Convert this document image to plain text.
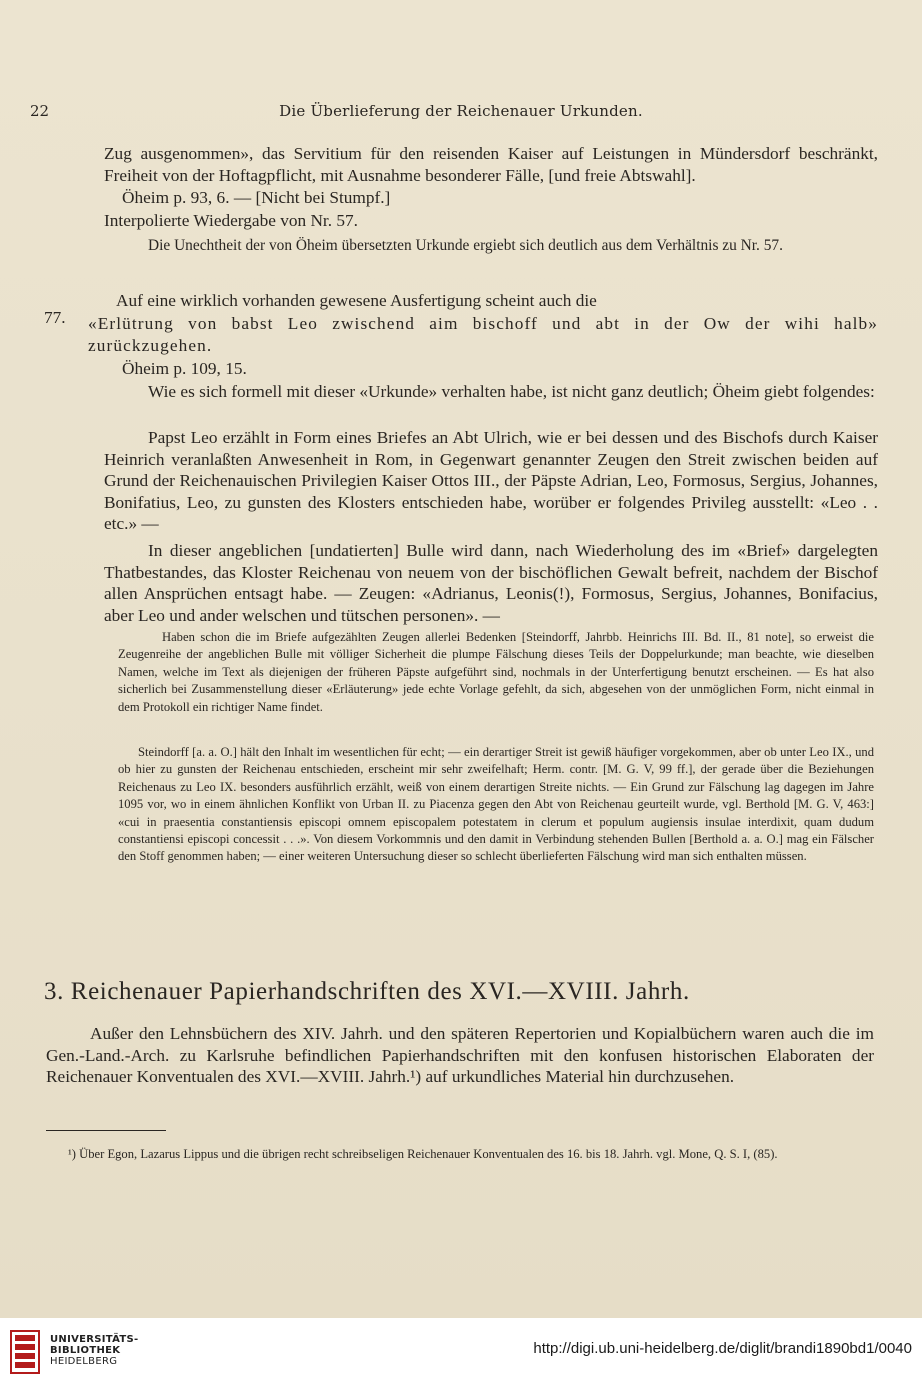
22	Die Überlieferung der Reichenauer Urkunden.
Zug ausgenommen», das Servitium für den reisenden Kaiser auf Leistungen in Mündersdorf beschränkt, Freiheit von der Hoftagpflicht, mit Ausnahme besonderer Fälle, [und freie Abtswahl].
Öheim p. 93, 6. — [Nicht bei Stumpf.]
Interpolierte Wiedergabe von Nr. 57.
Die Unechtheit der von Öheim übersetzten Urkunde ergiebt sich deutlich aus dem Verhältnis zu Nr. 57.
Auf eine wirklich vorhanden gewesene Ausfertigung scheint auch die
77. «Erlütrung von babst Leo zwischend aim bischoff und abt in der Ow der wihi halb» zurückzugehen.
Öheim p. 109, 15.
Wie es sich formell mit dieser «Urkunde» verhalten habe, ist nicht ganz deutlich; Öheim giebt folgendes:
Papst Leo erzählt in Form eines Briefes an Abt Ulrich, wie er bei dessen und des Bischofs durch Kaiser Heinrich veranlaßten Anwesenheit in Rom, in Gegenwart genannter Zeugen den Streit zwischen beiden auf Grund der Reichenauischen Privilegien Kaiser Ottos III., der Päpste Adrian, Leo, Formosus, Sergius, Johannes, Bonifatius, Leo, zu gunsten des Klosters entschieden habe, worüber er folgendes Privileg ausstellt: «Leo . . etc.» —
In dieser angeblichen [undatierten] Bulle wird dann, nach Wiederholung des im «Brief» dargelegten Thatbestandes, das Kloster Reichenau von neuem von der bischöflichen Gewalt befreit, nachdem der Bischof allen Ansprüchen entsagt habe. — Zeugen: «Adrianus, Leonis(!), Formosus, Sergius, Johannes, Bonifacius, aber Leo und ander welschen und tütschen personen». —
Haben schon die im Briefe aufgezählten Zeugen allerlei Bedenken [Steindorff, Jahrbb. Heinrichs III. Bd. II., 81 note], so erweist die Zeugenreihe der angeblichen Bulle mit völliger Sicherheit die plumpe Fälschung dieses Teils der Doppelurkunde; man beachte, wie dieselben Namen, welche im Text als diejenigen der früheren Päpste aufgeführt sind, nochmals in der Unterfertigung benutzt erscheinen. — Es hat also sicherlich bei Zusammenstellung dieser «Erläuterung» jede echte Vorlage gefehlt, da sich, abgesehen von der unmöglichen Form, nicht einmal in dem Protokoll ein richtiger Name findet.
Steindorff [a. a. O.] hält den Inhalt im wesentlichen für echt; — ein derartiger Streit ist gewiß häufiger vorgekommen, aber ob unter Leo IX., und ob hier zu gunsten der Reichenau entschieden, erscheint mir sehr zweifelhaft; Herm. contr. [M. G. V, 99 ff.], der gerade über die Beziehungen Reichenaus zu Leo IX. besonders ausführlich erzählt, weiß von einem derartigen Streite nichts. — Ein Grund zur Fälschung lag dagegen im Jahre 1095 vor, wo in einem ähnlichen Konflikt von Urban II. zu Piacenza gegen den Abt von Reichenau geurteilt wurde, vgl. Berthold [M. G. V, 463:] «cui in praesentia constantiensis episcopi omnem episcopalem potestatem in clerum et populum augiensis insulae interdixit, quam dudum constantiensi episcopi concessit . . .». Von diesem Vorkommnis und den damit in Verbindung stehenden Bullen [Berthold a. a. O.] mag ein Fälscher den Stoff genommen haben; — einer weiteren Untersuchung dieser so schlecht überlieferten Fälschung wird man sich enthalten müssen.
3. Reichenauer Papierhandschriften des XVI.—XVIII. Jahrh.
Außer den Lehnsbüchern des XIV. Jahrh. und den späteren Repertorien und Kopialbüchern waren auch die im Gen.-Land.-Arch. zu Karlsruhe befindlichen Papierhandschriften mit den konfusen historischen Elaboraten der Reichenauer Konventualen des XVI.—XVIII. Jahrh.¹) auf urkundliches Material hin durchzusehen.
¹) Über Egon, Lazarus Lippus und die übrigen recht schreibseligen Reichenauer Konventualen des 16. bis 18. Jahrh. vgl. Mone, Q. S. I, (85).
UNIVERSITÄTS-
BIBLIOTHEK
HEIDELBERG
http://digi.ub.uni-heidelberg.de/diglit/brandi1890bd1/0040
